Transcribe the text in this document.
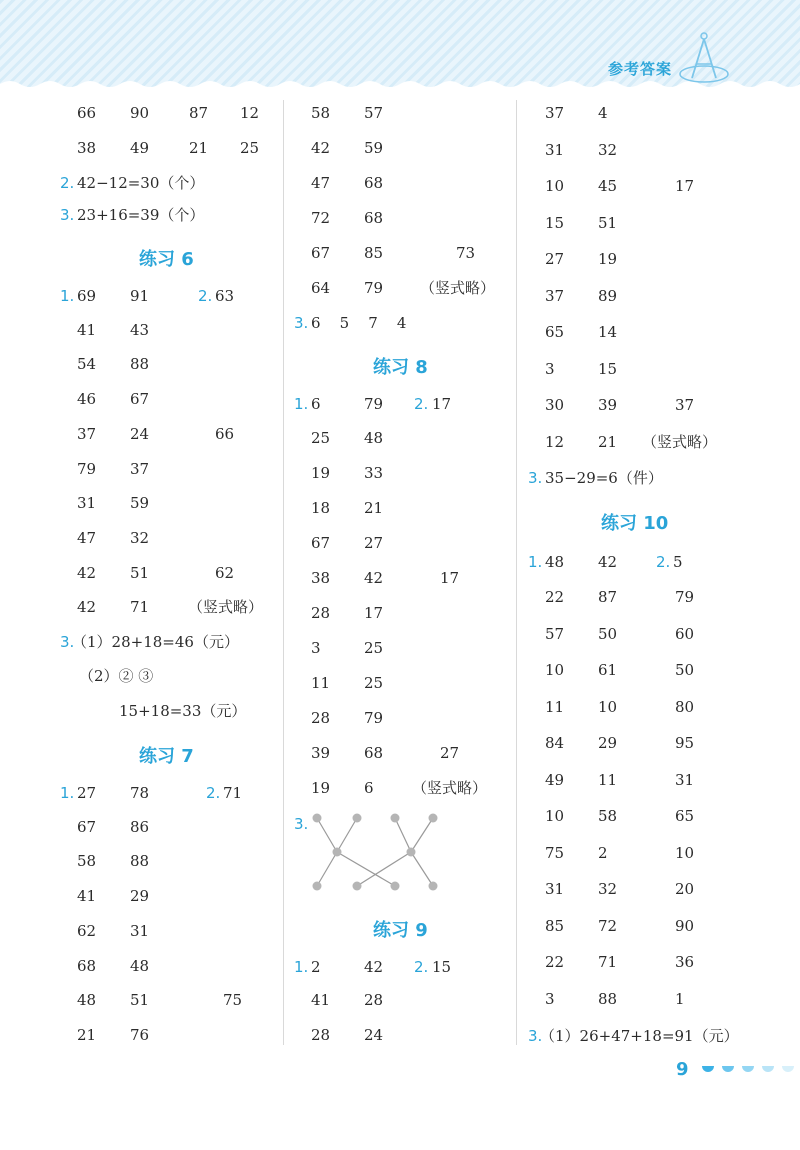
参考答案
66 90	87 12
38 49	21 25
2. 42−12=30（个）
3. 23+16=39（个）
练习 6
1.	2.
69 91	63
41 43
54 88
46 67
37 24	66
79 37
31 59
47 32
42 51	62
42 71	（竖式略）
3.
（1）28+18=46（元）
（2）② ③
15+18=33（元）
练习 7
1.	2.
27 78	71
67 86
58 88
41 29
62 31
68 48
48 51	75
21 76
58 57
42 59
47 68
72 68
67 85	73
64 79 （竖式略）
3. 6    5    7    4
练习 8
1.	2.
6	79	17
25 48
19 33
18 21
67 27
38 42	17
28 17
3	25
11 25
28 79
39 68	27
19 6	（竖式略）
3.
练习 9
1.	2.
2	42	15
41 28
28 24
37 4
31 32
10 45	17
15 51
27 19
37 89
65 14
3	15
30 39	37
12 21 （竖式略）
3. 35−29=6（件）
练习 10
1.	2.
48 42	5
22 87	79
57 50	60
10 61	50
11 10	80
84 29	95
49 11	31
10 58	65
75 2	10
31 32	20
85 72	90
22 71	36
3	88	1
3.
（1）26+47+18=91（元）
9
